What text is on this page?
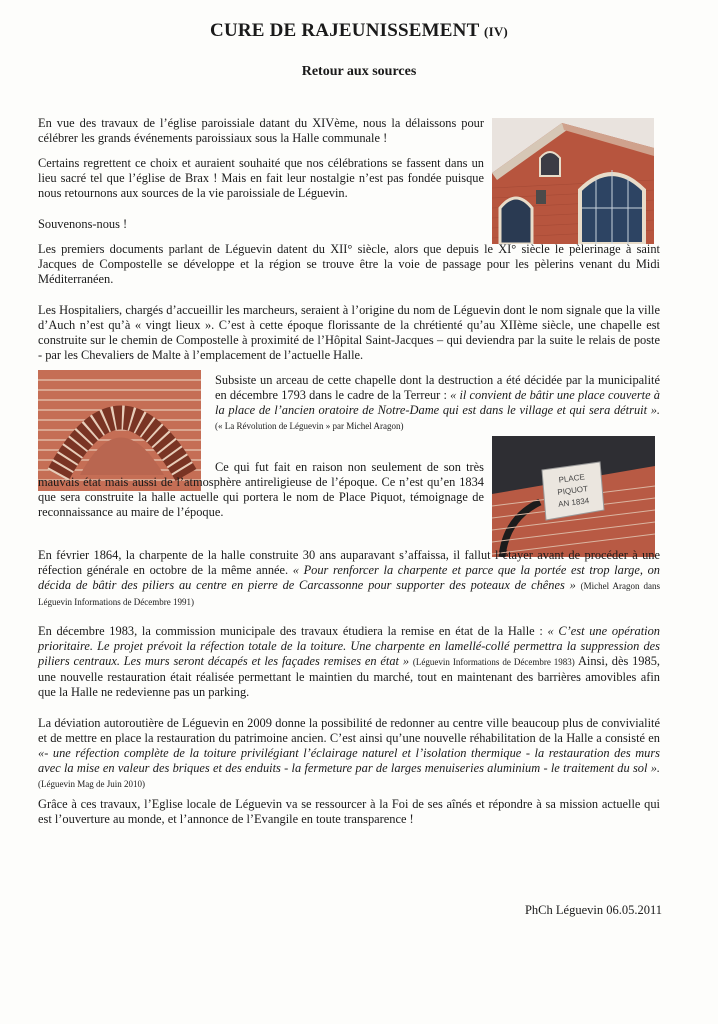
CURE DE RAJEUNISSEMENT (IV)
Retour aux sources

En vue des travaux de l’église paroissiale datant du XIVème, nous la délaissons pour célébrer les grands événements paroissiaux sous la Halle communale !

Certains regrettent ce choix et auraient souhaité que nos célébrations se fassent dans un lieu sacré tel que l’église de Brax ! Mais en fait leur nostalgie n’est pas fondée puisque nous retournons aux sources de la vie paroissiale de Léguevin.

Souvenons-nous !

Les premiers documents parlant de Léguevin datent du XII° siècle, alors que depuis le XI° siècle le pèlerinage à saint Jacques de Compostelle se développe et la région se trouve être la voie de passage pour les pèlerins venant du Midi Méditerranéen.

Les Hospitaliers, chargés d’accueillir les marcheurs, seraient à l’origine du nom de Léguevin dont le nom signale que la ville d’Auch n’est qu’à « vingt lieux ». C’est à cette époque florissante de la chrétienté qu’au XIIème siècle, une chapelle est construite sur le chemin de Compostelle à proximité de l’Hôpital Saint-Jacques – qui deviendra par la suite le relais de poste - par les Chevaliers de Malte à l’emplacement de l’actuelle Halle.

Subsiste un arceau de cette chapelle dont la destruction a été décidée par la municipalité en décembre 1793 dans le cadre de la Terreur : « il convient de bâtir une place couverte à la place de l’ancien oratoire de Notre-Dame qui est dans le village et qui sera détruit ». (« La Révolution de Léguevin » par Michel Aragon)

PLACE
PIQUOT
AN 1834

Ce qui fut fait en raison non seulement de son très mauvais état mais aussi de l’atmosphère antireligieuse de l’époque. Ce n’est qu’en 1834 que sera construite la halle actuelle qui portera le nom de Place Piquot, témoignage de reconnaissance au maire de l’époque.

En février 1864, la charpente de la halle construite 30 ans auparavant s’affaissa, il fallut l’étayer avant de procéder à une réfection générale en octobre de la même année. « Pour renforcer la charpente et parce que la portée est trop large, on décida de bâtir des piliers au centre en pierre de Carcassonne pour supporter des poteaux de chênes » (Michel Aragon dans Léguevin Informations de Décembre 1991)

En décembre 1983, la commission municipale des travaux étudiera la remise en état de la Halle : « C’est une opération prioritaire. Le projet prévoit la réfection totale de la toiture. Une charpente en lamellé-collé permettra la suppression des piliers centraux. Les murs seront décapés et les façades remises en état » (Léguevin Informations de Décembre 1983) Ainsi, dès 1985, une nouvelle restauration était réalisée permettant le maintien du marché, tout en maintenant des barrières amovibles afin que la Halle ne redevienne pas un parking.

La déviation autoroutière de Léguevin en 2009 donne la possibilité de redonner au centre ville beaucoup plus de convivialité et de mettre en place la restauration du patrimoine ancien. C’est ainsi qu’une nouvelle réhabilitation de la Halle a consisté en «- une réfection complète de la toiture privilégiant l’éclairage naturel et l’isolation thermique - la restauration des murs avec la mise en valeur des briques et des enduits - la fermeture par de larges menuiseries aluminium - le traitement du sol ». (Léguevin Mag de Juin 2010)

Grâce à ces travaux, l’Eglise locale de Léguevin va se ressourcer à la Foi de ses aînés et répondre à sa mission actuelle qui est l’ouverture au monde, et l’annonce de l’Evangile en toute transparence !

PhCh Léguevin 06.05.2011
